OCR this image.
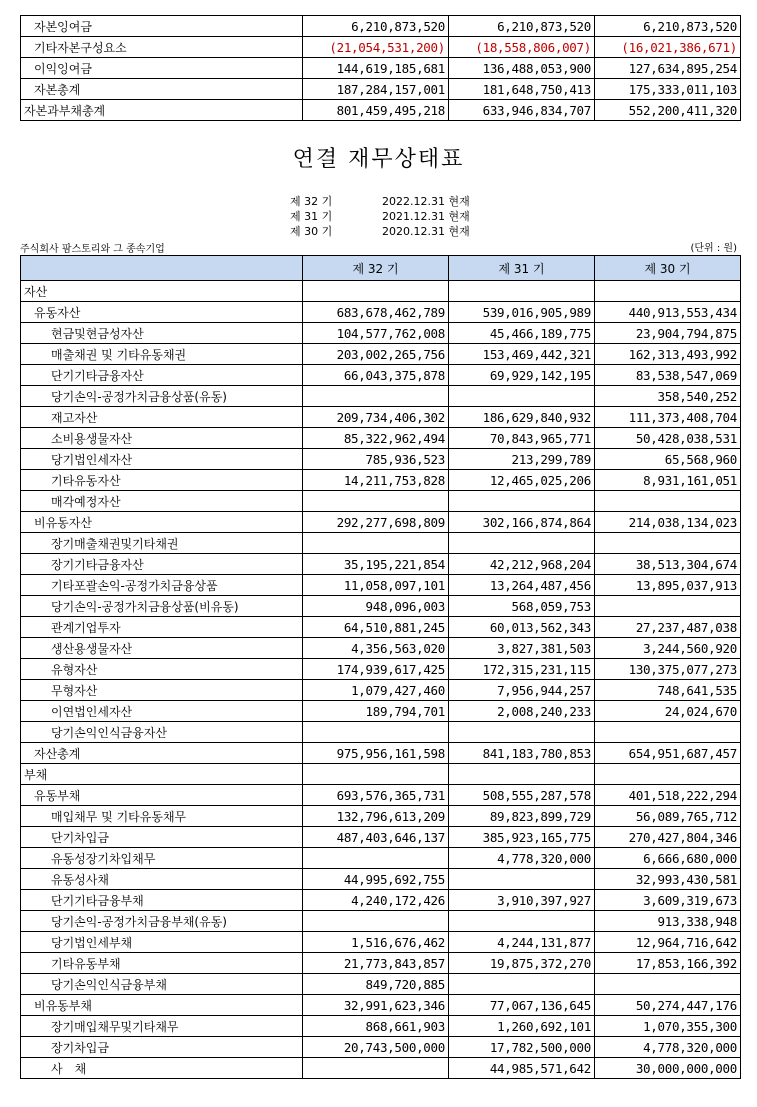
자본잉여금	6,210,873,520	6,210,873,520	6,210,873,520
기타자본구성요소	(21,054,531,200)	(18,558,806,007)	(16,021,386,671)
이익잉여금	144,619,185,681	136,488,053,900	127,634,895,254
자본총계	187,284,157,001	181,648,750,413	175,333,011,103
자본과부채총계	801,459,495,218	633,946,834,707	552,200,411,320
연결 재무상태표
제 32 기	2022.12.31 현재
제 31 기	2021.12.31 현재
제 30 기	2020.12.31 현재
주식회사 팜스토리와 그 종속기업	(단위 : 원)
	제 32 기	제 31 기	제 30 기
자산			
유동자산	683,678,462,789	539,016,905,989	440,913,553,434
현금및현금성자산	104,577,762,008	45,466,189,775	23,904,794,875
매출채권 및 기타유동채권	203,002,265,756	153,469,442,321	162,313,493,992
단기기타금융자산	66,043,375,878	69,929,142,195	83,538,547,069
당기손익-공정가치금융상품(유동)			358,540,252
재고자산	209,734,406,302	186,629,840,932	111,373,408,704
소비용생물자산	85,322,962,494	70,843,965,771	50,428,038,531
당기법인세자산	785,936,523	213,299,789	65,568,960
기타유동자산	14,211,753,828	12,465,025,206	8,931,161,051
매각예정자산			
비유동자산	292,277,698,809	302,166,874,864	214,038,134,023
장기매출채권및기타채권			
장기기타금융자산	35,195,221,854	42,212,968,204	38,513,304,674
기타포괄손익-공정가치금융상품	11,058,097,101	13,264,487,456	13,895,037,913
당기손익-공정가치금융상품(비유동)	948,096,003	568,059,753	
관계기업투자	64,510,881,245	60,013,562,343	27,237,487,038
생산용생물자산	4,356,563,020	3,827,381,503	3,244,560,920
유형자산	174,939,617,425	172,315,231,115	130,375,077,273
무형자산	1,079,427,460	7,956,944,257	748,641,535
이연법인세자산	189,794,701	2,008,240,233	24,024,670
당기손익인식금융자산			
자산총계	975,956,161,598	841,183,780,853	654,951,687,457
부채			
유동부채	693,576,365,731	508,555,287,578	401,518,222,294
매입채무 및 기타유동채무	132,796,613,209	89,823,899,729	56,089,765,712
단기차입금	487,403,646,137	385,923,165,775	270,427,804,346
유동성장기차입채무		4,778,320,000	6,666,680,000
유동성사채	44,995,692,755		32,993,430,581
단기기타금융부채	4,240,172,426	3,910,397,927	3,609,319,673
당기손익-공정가치금융부채(유동)			913,338,948
당기법인세부채	1,516,676,462	4,244,131,877	12,964,716,642
기타유동부채	21,773,843,857	19,875,372,270	17,853,166,392
당기손익인식금융부채	849,720,885		
비유동부채	32,991,623,346	77,067,136,645	50,274,447,176
장기매입채무및기타채무	868,661,903	1,260,692,101	1,070,355,300
장기차입금	20,743,500,000	17,782,500,000	4,778,320,000
사　채		44,985,571,642	30,000,000,000
